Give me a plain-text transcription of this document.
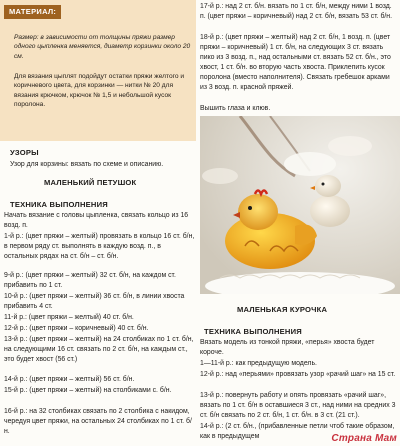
МАТЕРИАЛ:
Размер: в зависимости от толщины пряжи размер одного цыпленка меняется, диаметр корзинки около 20 см.
Для вязания цыплят подойдут остатки пряжи желтого и коричневого цвета, для корзинки — нитки № 20 для вязания крючком, крючок № 1,5 и небольшой кусок поролона.
УЗОРЫ
Узор для корзины: вязать по схеме и описанию.
МАЛЕНЬКИЙ ПЕТУШОК
ТЕХНИКА ВЫПОЛНЕНИЯ
Начать вязание с головы цыпленка, связать кольцо из 16 возд. п.
1-й р.: (цвет пряжи – желтый) провязать в кольцо 16 ст. б/н, в первом ряду ст. выполнять в каждую возд. п., в остальных рядах на ст. б/н – ст. б/н.
9-й р.: (цвет пряжи – желтый) 32 ст. б/н, на каждом ст. прибавить по 1 ст.
10-й р.: (цвет пряжи – желтый) 36 ст. б/н, в линии хвоста прибавить 4 ст.
11-й р.: (цвет пряжи – желтый) 40 ст. б/н.
12-й р.: (цвет пряжи – коричневый) 40 ст. б/н.
13-й р.: (цвет пряжи – желтый) на 24 столбиках по 1 ст. б/н, на следующими 16 ст. связать по 2 ст. б/н, на каждым ст., это будет хвост (56 ст.)
14-й р.: (цвет пряжи – желтый) 56 ст. б/н.
15-й р.: (цвет пряжи – желтый) на столбиками с. б/н.
16-й р.: на 32 столбиках связать по 2 столбика с накидом, чередуя цвет пряжи, на остальных 24 столбиках по 1 ст. б/н.
17-й р.: над 2 ст. б/н. вязать по 1 ст. б/н, между ними 1 возд. п. (цвет пряжи – коричневый) над 2 ст. б/н, вязать 53 ст. б/н.
18-й р.: (цвет пряжи – желтый) над 2 ст. б/н, 1 возд. п. (цвет пряжи – коричневый) 1 ст. б/н, на следующих 3 ст. вязать пико из 3 возд. п., над остальными ст. вязать 52 ст. б/н., это хвост, 1 ст. б/н. во вторую часть хвоста. Приклепить кусок поролона (вместо наполнителя). Связать гребешок арками из 3 возд. п. красной пряжей.
Вышить глаза и клюв.
МАЛЕНЬКАЯ КУРОЧКА
ТЕХНИКА ВЫПОЛНЕНИЯ
Вязать модель из тонкой пряжи, «перья» хвоста будет короче.
1—11-й р.: как предыдущую модель.
12-й р.: над «перьями» провязать узор «рачий шаг» на 15 ст.
13-й р.: повернуть работу и опять провязать «рачий шаг», вязать по 1 ст. б/н в оставшиеся 3 ст., над ними на средних 3 ст. б/н связать по 2 ст. б/н, 1 ст. б/н. в 3 ст. (21 ст.).
14-й р.: (2 ст. б/н., (прибавленные петли чтоб такие образом, как в предыдущем	Страна Мам
